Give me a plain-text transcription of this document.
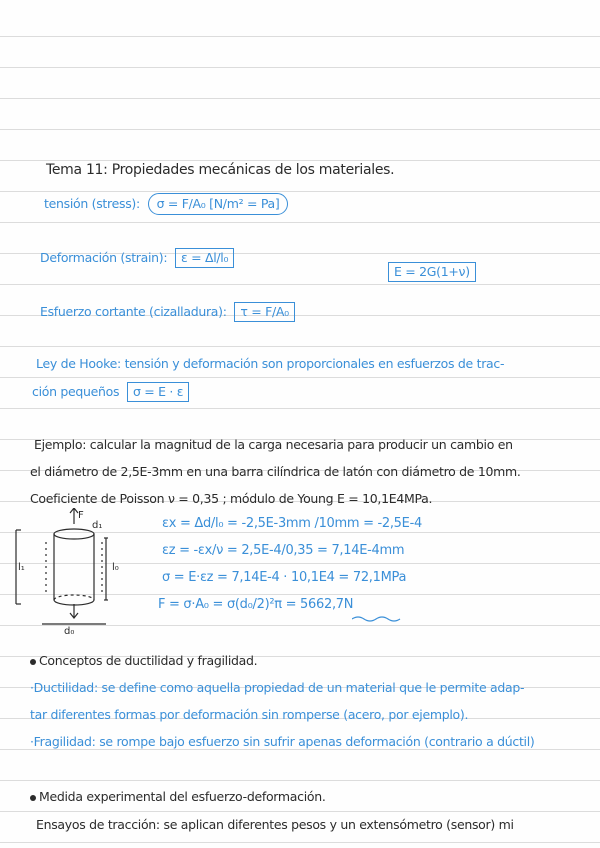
Tema 11: Propiedades mecánicas de los materiales.
tensión (stress): σ = F/A₀ [N/m² = Pa]
Deformación (strain): ε = Δl/l₀
E = 2G(1+ν)
Esfuerzo cortante (cizalladura): τ = F/A₀
Ley de Hooke: tensión y deformación son proporcionales en esfuerzos de trac-
ción pequeños σ = E · ε
Ejemplo: calcular la magnitud de la carga necesaria para producir un cambio en
el diámetro de 2,5E-3mm en una barra cilíndrica de latón con diámetro de 10mm.
Coeficiente de Poisson ν = 0,35 ; módulo de Young E = 10,1E4MPa.
F
d₁
l₁	l₀
d₀
εx = Δd/l₀ = -2,5E-3mm /10mm = -2,5E-4
εz = -εx/ν = 2,5E-4/0,35 = 7,14E-4mm
σ = E·εz = 7,14E-4 · 10,1E4 = 72,1MPa
F = σ·A₀ = σ(d₀/2)²π = 5662,7N
Conceptos de ductilidad y fragilidad.
·Ductilidad: se define como aquella propiedad de un material que le permite adap-
tar diferentes formas por deformación sin romperse (acero, por ejemplo).
·Fragilidad: se rompe bajo esfuerzo sin sufrir apenas deformación (contrario a dúctil)
Medida experimental del esfuerzo-deformación.
Ensayos de tracción: se aplican diferentes pesos y un extensómetro (sensor) mi
